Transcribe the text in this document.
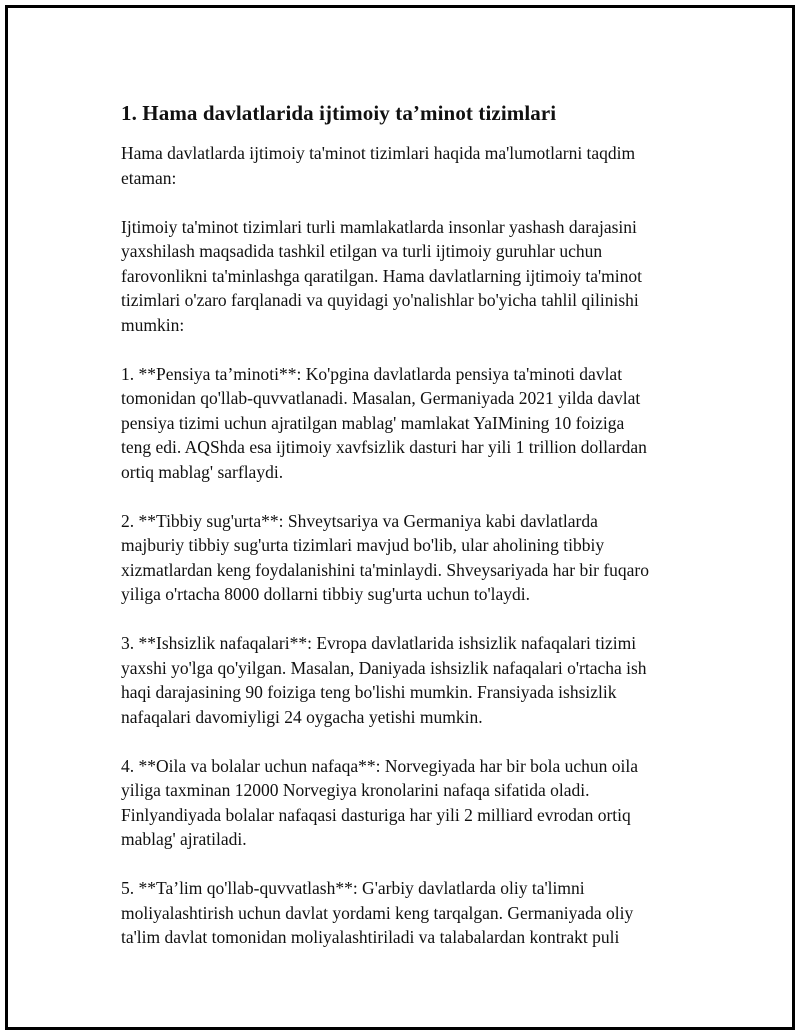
1. Hama davlatlarida ijtimoiy ta’minot tizimlari

Hama davlatlarda ijtimoiy ta'minot tizimlari haqida ma'lumotlarni taqdim
etaman:

Ijtimoiy ta'minot tizimlari turli mamlakatlarda insonlar yashash darajasini
yaxshilash maqsadida tashkil etilgan va turli ijtimoiy guruhlar uchun
farovonlikni ta'minlashga qaratilgan. Hama davlatlarning ijtimoiy ta'minot
tizimlari o'zaro farqlanadi va quyidagi yo'nalishlar bo'yicha tahlil qilinishi
mumkin:

1. **Pensiya ta’minoti**: Ko'pgina davlatlarda pensiya ta'minoti davlat
tomonidan qo'llab-quvvatlanadi. Masalan, Germaniyada 2021 yilda davlat
pensiya tizimi uchun ajratilgan mablag' mamlakat YaIMining 10 foiziga
teng edi. AQShda esa ijtimoiy xavfsizlik dasturi har yili 1 trillion dollardan
ortiq mablag' sarflaydi.

2. **Tibbiy sug'urta**: Shveytsariya va Germaniya kabi davlatlarda
majburiy tibbiy sug'urta tizimlari mavjud bo'lib, ular aholining tibbiy
xizmatlardan keng foydalanishini ta'minlaydi. Shveysariyada har bir fuqaro
yiliga o'rtacha 8000 dollarni tibbiy sug'urta uchun to'laydi.

3. **Ishsizlik nafaqalari**: Evropa davlatlarida ishsizlik nafaqalari tizimi
yaxshi yo'lga qo'yilgan. Masalan, Daniyada ishsizlik nafaqalari o'rtacha ish
haqi darajasining 90 foiziga teng bo'lishi mumkin. Fransiyada ishsizlik
nafaqalari davomiyligi 24 oygacha yetishi mumkin.

4. **Oila va bolalar uchun nafaqa**: Norvegiyada har bir bola uchun oila
yiliga taxminan 12000 Norvegiya kronolarini nafaqa sifatida oladi.
Finlyandiyada bolalar nafaqasi dasturiga har yili 2 milliard evrodan ortiq
mablag' ajratiladi.

5. **Ta’lim qo'llab-quvvatlash**: G'arbiy davlatlarda oliy ta'limni
moliyalashtirish uchun davlat yordami keng tarqalgan. Germaniyada oliy
ta'lim davlat tomonidan moliyalashtiriladi va talabalardan kontrakt puli
